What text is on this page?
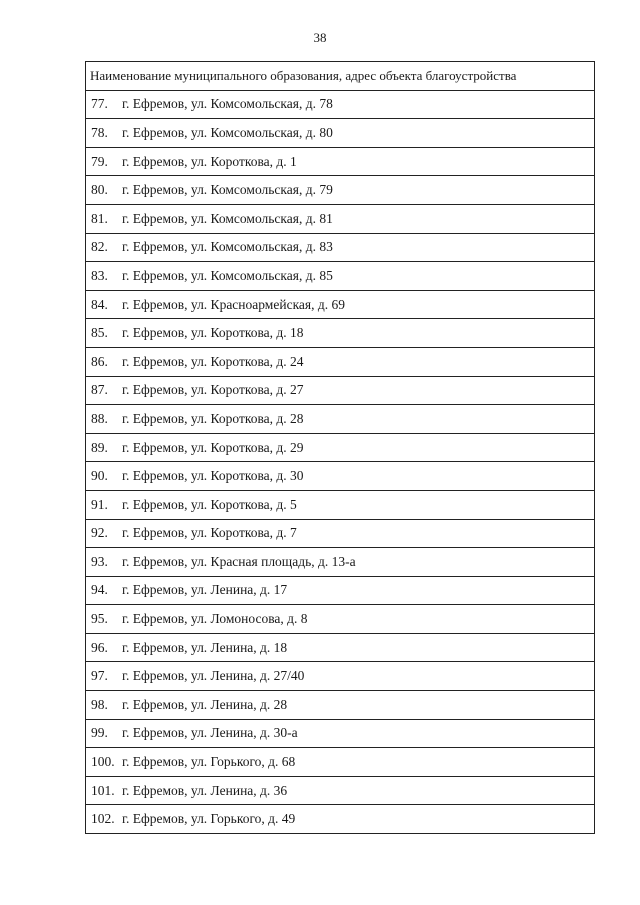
38
Наименование муниципального образования, адрес объекта благоустройства
77. г. Ефремов, ул. Комсомольская, д. 78
78. г. Ефремов, ул. Комсомольская, д. 80
79. г. Ефремов, ул. Короткова, д. 1
80. г. Ефремов, ул. Комсомольская, д. 79
81. г. Ефремов, ул. Комсомольская, д. 81
82. г. Ефремов, ул. Комсомольская, д. 83
83. г. Ефремов, ул. Комсомольская, д. 85
84. г. Ефремов, ул. Красноармейская, д. 69
85. г. Ефремов, ул. Короткова, д. 18
86. г. Ефремов, ул. Короткова, д. 24
87. г. Ефремов, ул. Короткова, д. 27
88. г. Ефремов, ул. Короткова, д. 28
89. г. Ефремов, ул. Короткова, д. 29
90. г. Ефремов, ул. Короткова, д. 30
91. г. Ефремов, ул. Короткова, д. 5
92. г. Ефремов, ул. Короткова, д. 7
93. г. Ефремов, ул. Красная площадь, д. 13-а
94. г. Ефремов, ул. Ленина, д. 17
95. г. Ефремов, ул. Ломоносова, д. 8
96. г. Ефремов, ул. Ленина, д. 18
97. г. Ефремов, ул. Ленина, д. 27/40
98. г. Ефремов, ул. Ленина, д. 28
99. г. Ефремов, ул. Ленина, д. 30-а
100. г. Ефремов, ул. Горького, д. 68
101. г. Ефремов, ул. Ленина, д. 36
102. г. Ефремов, ул. Горького, д. 49
